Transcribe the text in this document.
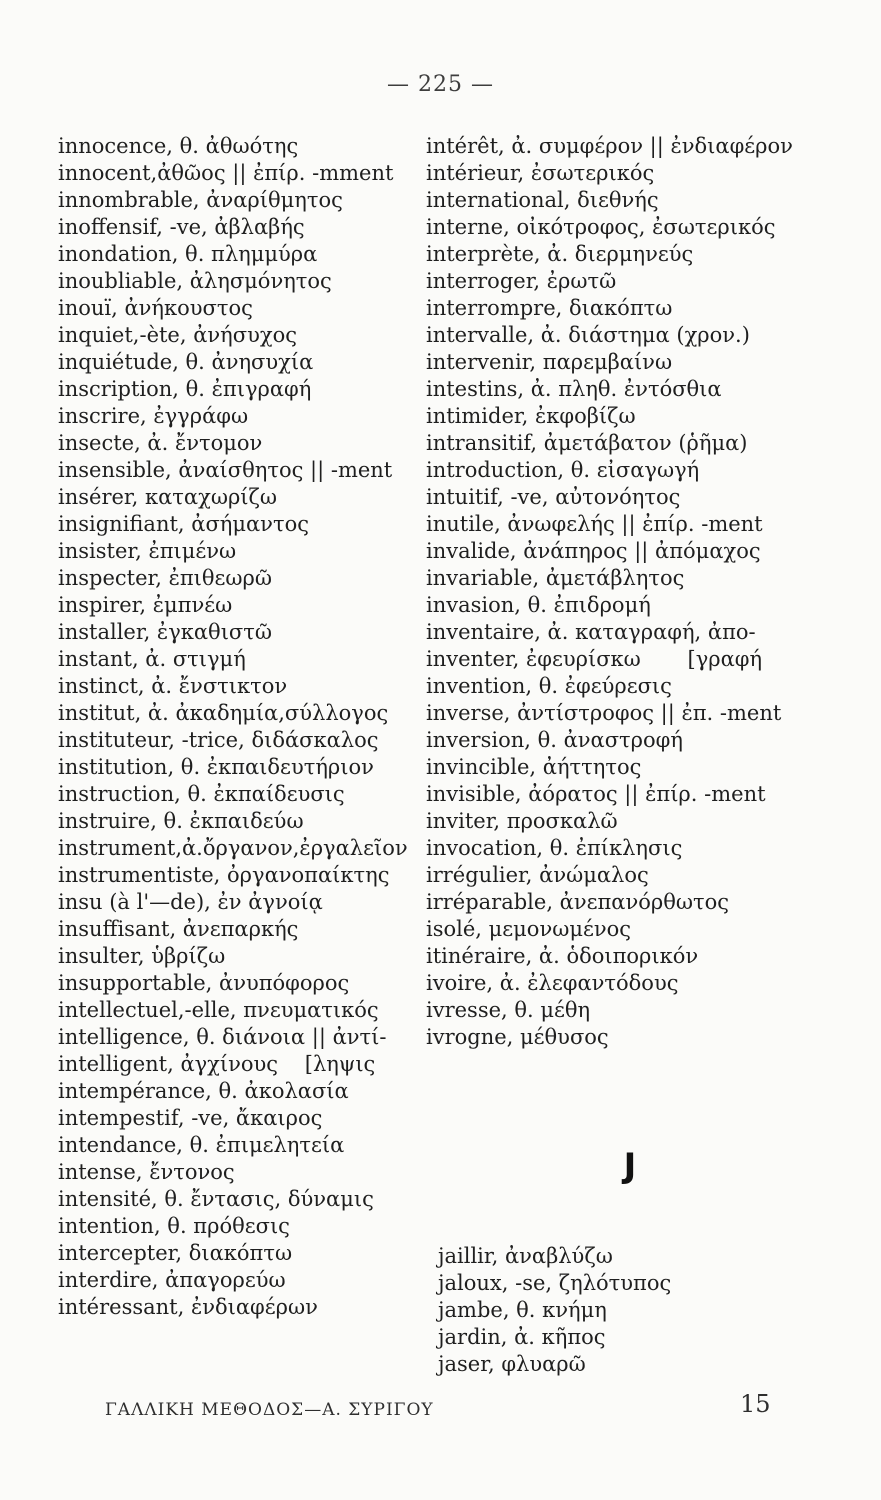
— 225 —
innocence, θ. ἀθωότης
innocent,ἀθῶος || ἐπίρ. -mment
innombrable, ἀναρίθμητος
inoffensif, -ve, ἀβλαβής
inondation, θ. πλημμύρα
inoubliable, ἀλησμόνητος
inouï, ἀνήκουστος
inquiet,-ète, ἀνήσυχος
inquiétude, θ. ἀνησυχία
inscription, θ. ἐπιγραφή
inscrire, ἐγγράφω
insecte, ἀ. ἔντομον
insensible, ἀναίσθητος || -ment
insérer, καταχωρίζω
insignifiant, ἀσήμαντος
insister, ἐπιμένω
inspecter, ἐπιθεωρῶ
inspirer, ἐμπνέω
installer, ἐγκαθιστῶ
instant, ἀ. στιγμή
instinct, ἀ. ἔνστικτον
institut, ἀ. ἀκαδημία,σύλλογος
instituteur, -trice, διδάσκαλος
institution, θ. ἐκπαιδευτήριον
instruction, θ. ἐκπαίδευσις
instruire, θ. ἐκπαιδεύω
instrument,ἀ.ὄργανον,ἐργαλεῖον
instrumentiste, ὀργανοπαίκτης
insu (à l'—de), ἐν ἀγνοίᾳ
insuffisant, ἀνεπαρκής
insulter, ὑβρίζω
insupportable, ἀνυπόφορος
intellectuel,-elle, πνευματικός
intelligence, θ. διάνοια || ἀντί-
intelligent, ἀγχίνους    [ληψις
intempérance, θ. ἀκολασία
intempestif, -ve, ἄκαιρος
intendance, θ. ἐπιμελητεία
intense, ἔντονος
intensité, θ. ἔντασις, δύναμις
intention, θ. πρόθεσις
intercepter, διακόπτω
interdire, ἀπαγορεύω
intéressant, ἐνδιαφέρων
intérêt, ἀ. συμφέρον || ἐνδιαφέρον
intérieur, ἐσωτερικός
international, διεθνής
interne, οἰκότροφος, ἐσωτερικός
interprète, ἀ. διερμηνεύς
interroger, ἐρωτῶ
interrompre, διακόπτω
intervalle, ἀ. διάστημα (χρον.)
intervenir, παρεμβαίνω
intestins, ἀ. πληθ. ἐντόσθια
intimider, ἐκφοβίζω
intransitif, ἀμετάβατον (ῥῆμα)
introduction, θ. εἰσαγωγή
intuitif, -ve, αὐτονόητος
inutile, ἀνωφελής || ἐπίρ. -ment
invalide, ἀνάπηρος || ἀπόμαχος
invariable, ἀμετάβλητος
invasion, θ. ἐπιδρομή
inventaire, ἀ. καταγραφή, ἀπο-
inventer, ἐφευρίσκω       [γραφή
invention, θ. ἐφεύρεσις
inverse, ἀντίστροφος || ἐπ. -ment
inversion, θ. ἀναστροφή
invincible, ἀήττητος
invisible, ἀόρατος || ἐπίρ. -ment
inviter, προσκαλῶ
invocation, θ. ἐπίκλησις
irrégulier, ἀνώμαλος
irréparable, ἀνεπανόρθωτος
isolé, μεμονωμένος
itinéraire, ἀ. ὁδοιπορικόν
ivoire, ἀ. ἐλεφαντόδους
ivresse, θ. μέθη
ivrogne, μέθυσος
J
jaillir, ἀναβλύζω
jaloux, -se, ζηλότυπος
jambe, θ. κνήμη
jardin, ἀ. κῆπος
jaser, φλυαρῶ
ΓΑΛΛΙΚΗ ΜΕΘΟΔΟΣ—Α. ΣΥΡΙΓΟΥ	15
